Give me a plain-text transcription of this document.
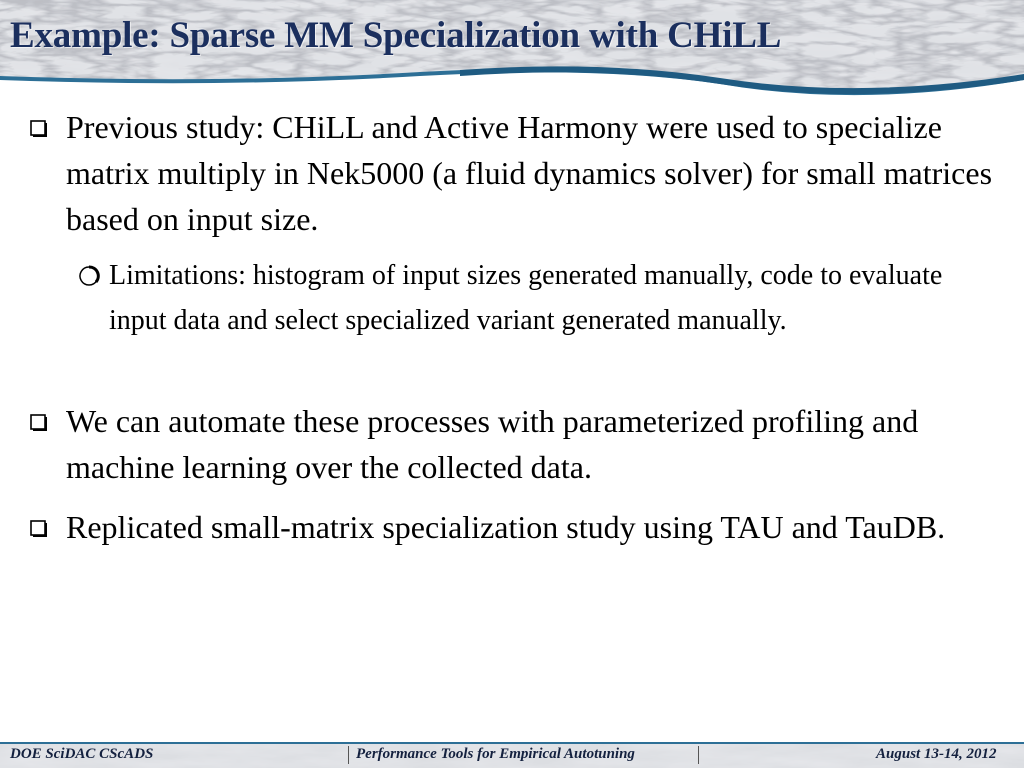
Example: Sparse MM Specialization with CHiLL
Previous study: CHiLL and Active Harmony were used to specialize matrix multiply in Nek5000 (a fluid dynamics solver) for small matrices based on input size.
Limitations: histogram of input sizes generated manually, code to evaluate input data and select specialized variant generated manually.
We can automate these processes with parameterized profiling and machine learning over the collected data.
Replicated small-matrix specialization study using TAU and TauDB.
DOE SciDAC CScADS	Performance Tools for Empirical Autotuning	August 13-14, 2012
